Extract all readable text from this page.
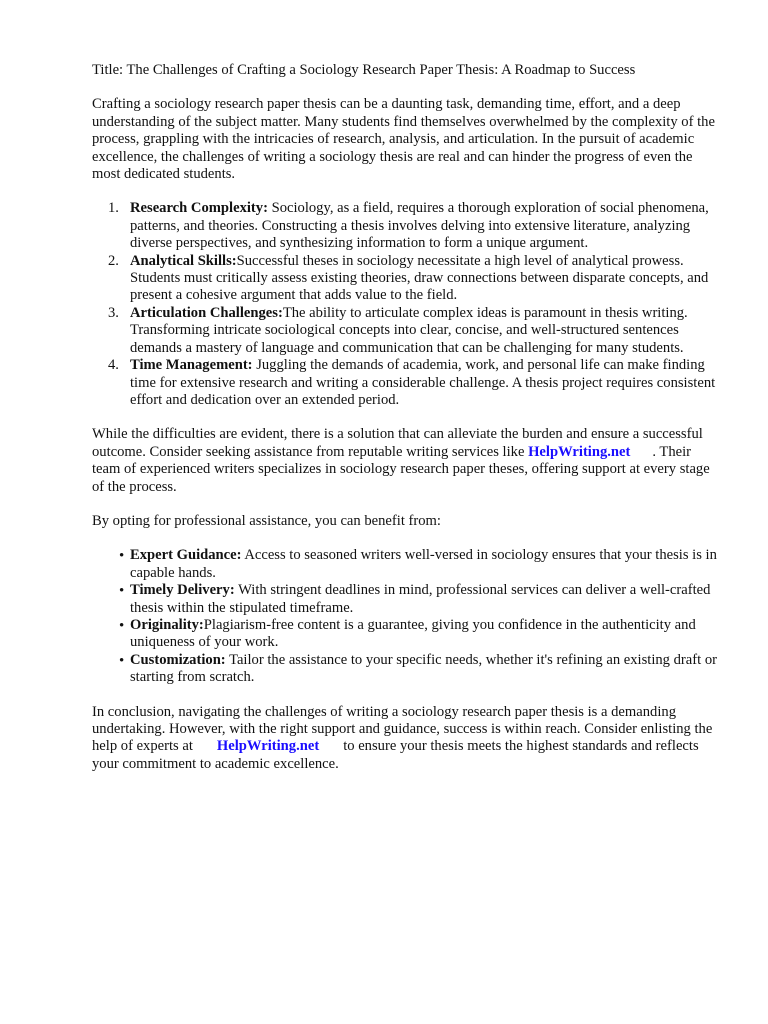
Title: The Challenges of Crafting a Sociology Research Paper Thesis: A Roadmap to Success

Crafting a sociology research paper thesis can be a daunting task, demanding time, effort, and a deep understanding of the subject matter. Many students find themselves overwhelmed by the complexity of the process, grappling with the intricacies of research, analysis, and articulation. In the pursuit of academic excellence, the challenges of writing a sociology thesis are real and can hinder the progress of even the most dedicated students.

1. Research Complexity: Sociology, as a field, requires a thorough exploration of social phenomena, patterns, and theories. Constructing a thesis involves delving into extensive literature, analyzing diverse perspectives, and synthesizing information to form a unique argument.
2. Analytical Skills:Successful theses in sociology necessitate a high level of analytical prowess. Students must critically assess existing theories, draw connections between disparate concepts, and present a cohesive argument that adds value to the field.
3. Articulation Challenges:The ability to articulate complex ideas is paramount in thesis writing. Transforming intricate sociological concepts into clear, concise, and well-structured sentences demands a mastery of language and communication that can be challenging for many students.
4. Time Management: Juggling the demands of academia, work, and personal life can make finding time for extensive research and writing a considerable challenge. A thesis project requires consistent effort and dedication over an extended period.

While the difficulties are evident, there is a solution that can alleviate the burden and ensure a successful outcome. Consider seeking assistance from reputable writing services like HelpWriting.net . Their team of experienced writers specializes in sociology research paper theses, offering support at every stage of the process.

By opting for professional assistance, you can benefit from:

• Expert Guidance: Access to seasoned writers well-versed in sociology ensures that your thesis is in capable hands.
• Timely Delivery: With stringent deadlines in mind, professional services can deliver a well-crafted thesis within the stipulated timeframe.
• Originality:Plagiarism-free content is a guarantee, giving you confidence in the authenticity and uniqueness of your work.
• Customization: Tailor the assistance to your specific needs, whether it's refining an existing draft or starting from scratch.

In conclusion, navigating the challenges of writing a sociology research paper thesis is a demanding undertaking. However, with the right support and guidance, success is within reach. Consider enlisting the help of experts at HelpWriting.net to ensure your thesis meets the highest standards and reflects your commitment to academic excellence.
